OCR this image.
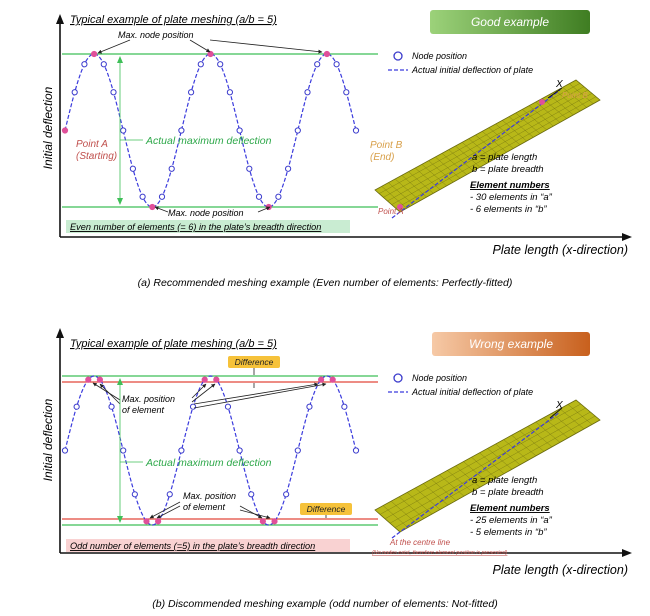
Initial deflection
Plate length (x-direction)
Typical example of plate meshing (a/b = 5)	Good example
Max. node position
Max. node position
Actual maximum deflection
Point A
(Starting)
Point B
(End)
Even number of elements (= 6) in the plate’s breadth direction
Node position
Actual initial deflection of plate
X
Point B
Point A
a = plate length
b = plate breadth
Element numbers
- 30 elements in “a”
- 6 elements in “b”
(a) Recommended meshing example (Even number of elements: Perfectly-fitted)
Initial deflection
Plate length (x-direction)
Typical example of plate meshing (a/b = 5)	Wrong example
Difference
Difference
Max. position
of element
Max. position
of element
Actual maximum deflection
Odd number of elements (=5) in the plate’s breadth direction
Node position
Actual initial deflection of plate
X
At the centre line
(No nodes exist, therefore element position is presented)
a = plate length
b = plate breadth
Element numbers
- 25 elements in “a”
- 5 elements in “b”
(b) Discommended meshing example (odd number of elements: Not-fitted)
